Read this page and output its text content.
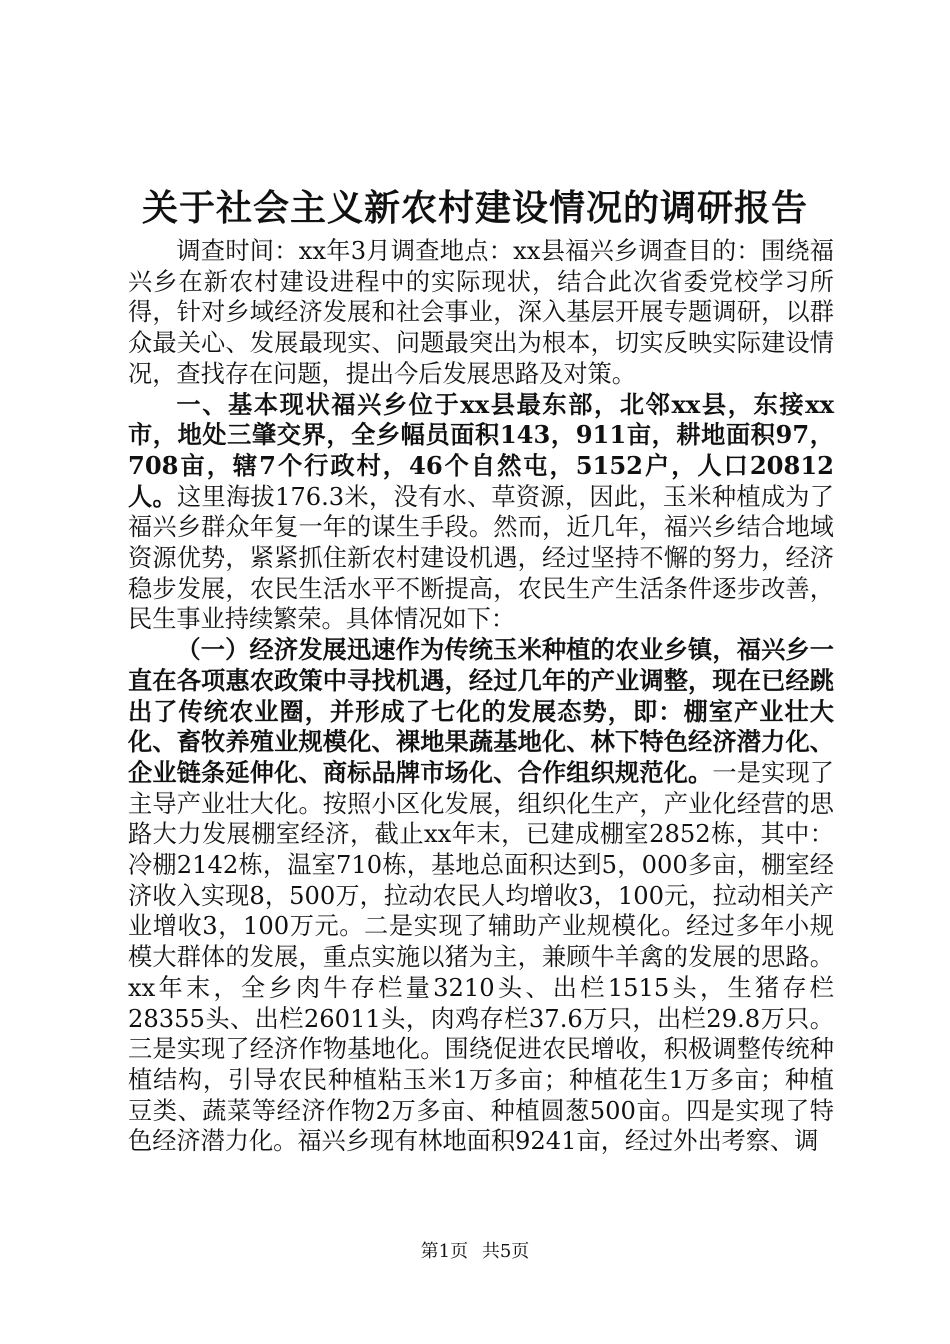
关于社会主义新农村建设情况的调研报告

调查时间：xx年3月调查地点：xx县福兴乡调查目的：围绕福兴乡在新农村建设进程中的实际现状，结合此次省委党校学习所得，针对乡域经济发展和社会事业，深入基层开展专题调研，以群众最关心、发展最现实、问题最突出为根本，切实反映实际建设情况，查找存在问题，提出今后发展思路及对策。

一、基本现状福兴乡位于xx县最东部，北邻xx县，东接xx市，地处三肇交界，全乡幅员面积143，911亩，耕地面积97，708亩，辖7个行政村，46个自然屯，5152户，人口20812人。这里海拔176.3米，没有水、草资源，因此，玉米种植成为了福兴乡群众年复一年的谋生手段。然而，近几年，福兴乡结合地域资源优势，紧紧抓住新农村建设机遇，经过坚持不懈的努力，经济稳步发展，农民生活水平不断提高，农民生产生活条件逐步改善，民生事业持续繁荣。具体情况如下：

（一）经济发展迅速作为传统玉米种植的农业乡镇，福兴乡一直在各项惠农政策中寻找机遇，经过几年的产业调整，现在已经跳出了传统农业圈，并形成了七化的发展态势，即：棚室产业壮大化、畜牧养殖业规模化、裸地果蔬基地化、林下特色经济潜力化、企业链条延伸化、商标品牌市场化、合作组织规范化。一是实现了主导产业壮大化。按照小区化发展，组织化生产，产业化经营的思路大力发展棚室经济，截止xx年末，已建成棚室2852栋，其中：冷棚2142栋，温室710栋，基地总面积达到5，000多亩，棚室经济收入实现8，500万，拉动农民人均增收3，100元，拉动相关产业增收3，100万元。二是实现了辅助产业规模化。经过多年小规模大群体的发展，重点实施以猪为主，兼顾牛羊禽的发展的思路。xx年末，全乡肉牛存栏量3210头、出栏1515头，生猪存栏28355头、出栏26011头，肉鸡存栏37.6万只，出栏29.8万只。三是实现了经济作物基地化。围绕促进农民增收，积极调整传统种植结构，引导农民种植粘玉米1万多亩；种植花生1万多亩；种植豆类、蔬菜等经济作物2万多亩、种植圆葱500亩。四是实现了特色经济潜力化。福兴乡现有林地面积9241亩，经过外出考察、调

第1页 共5页
